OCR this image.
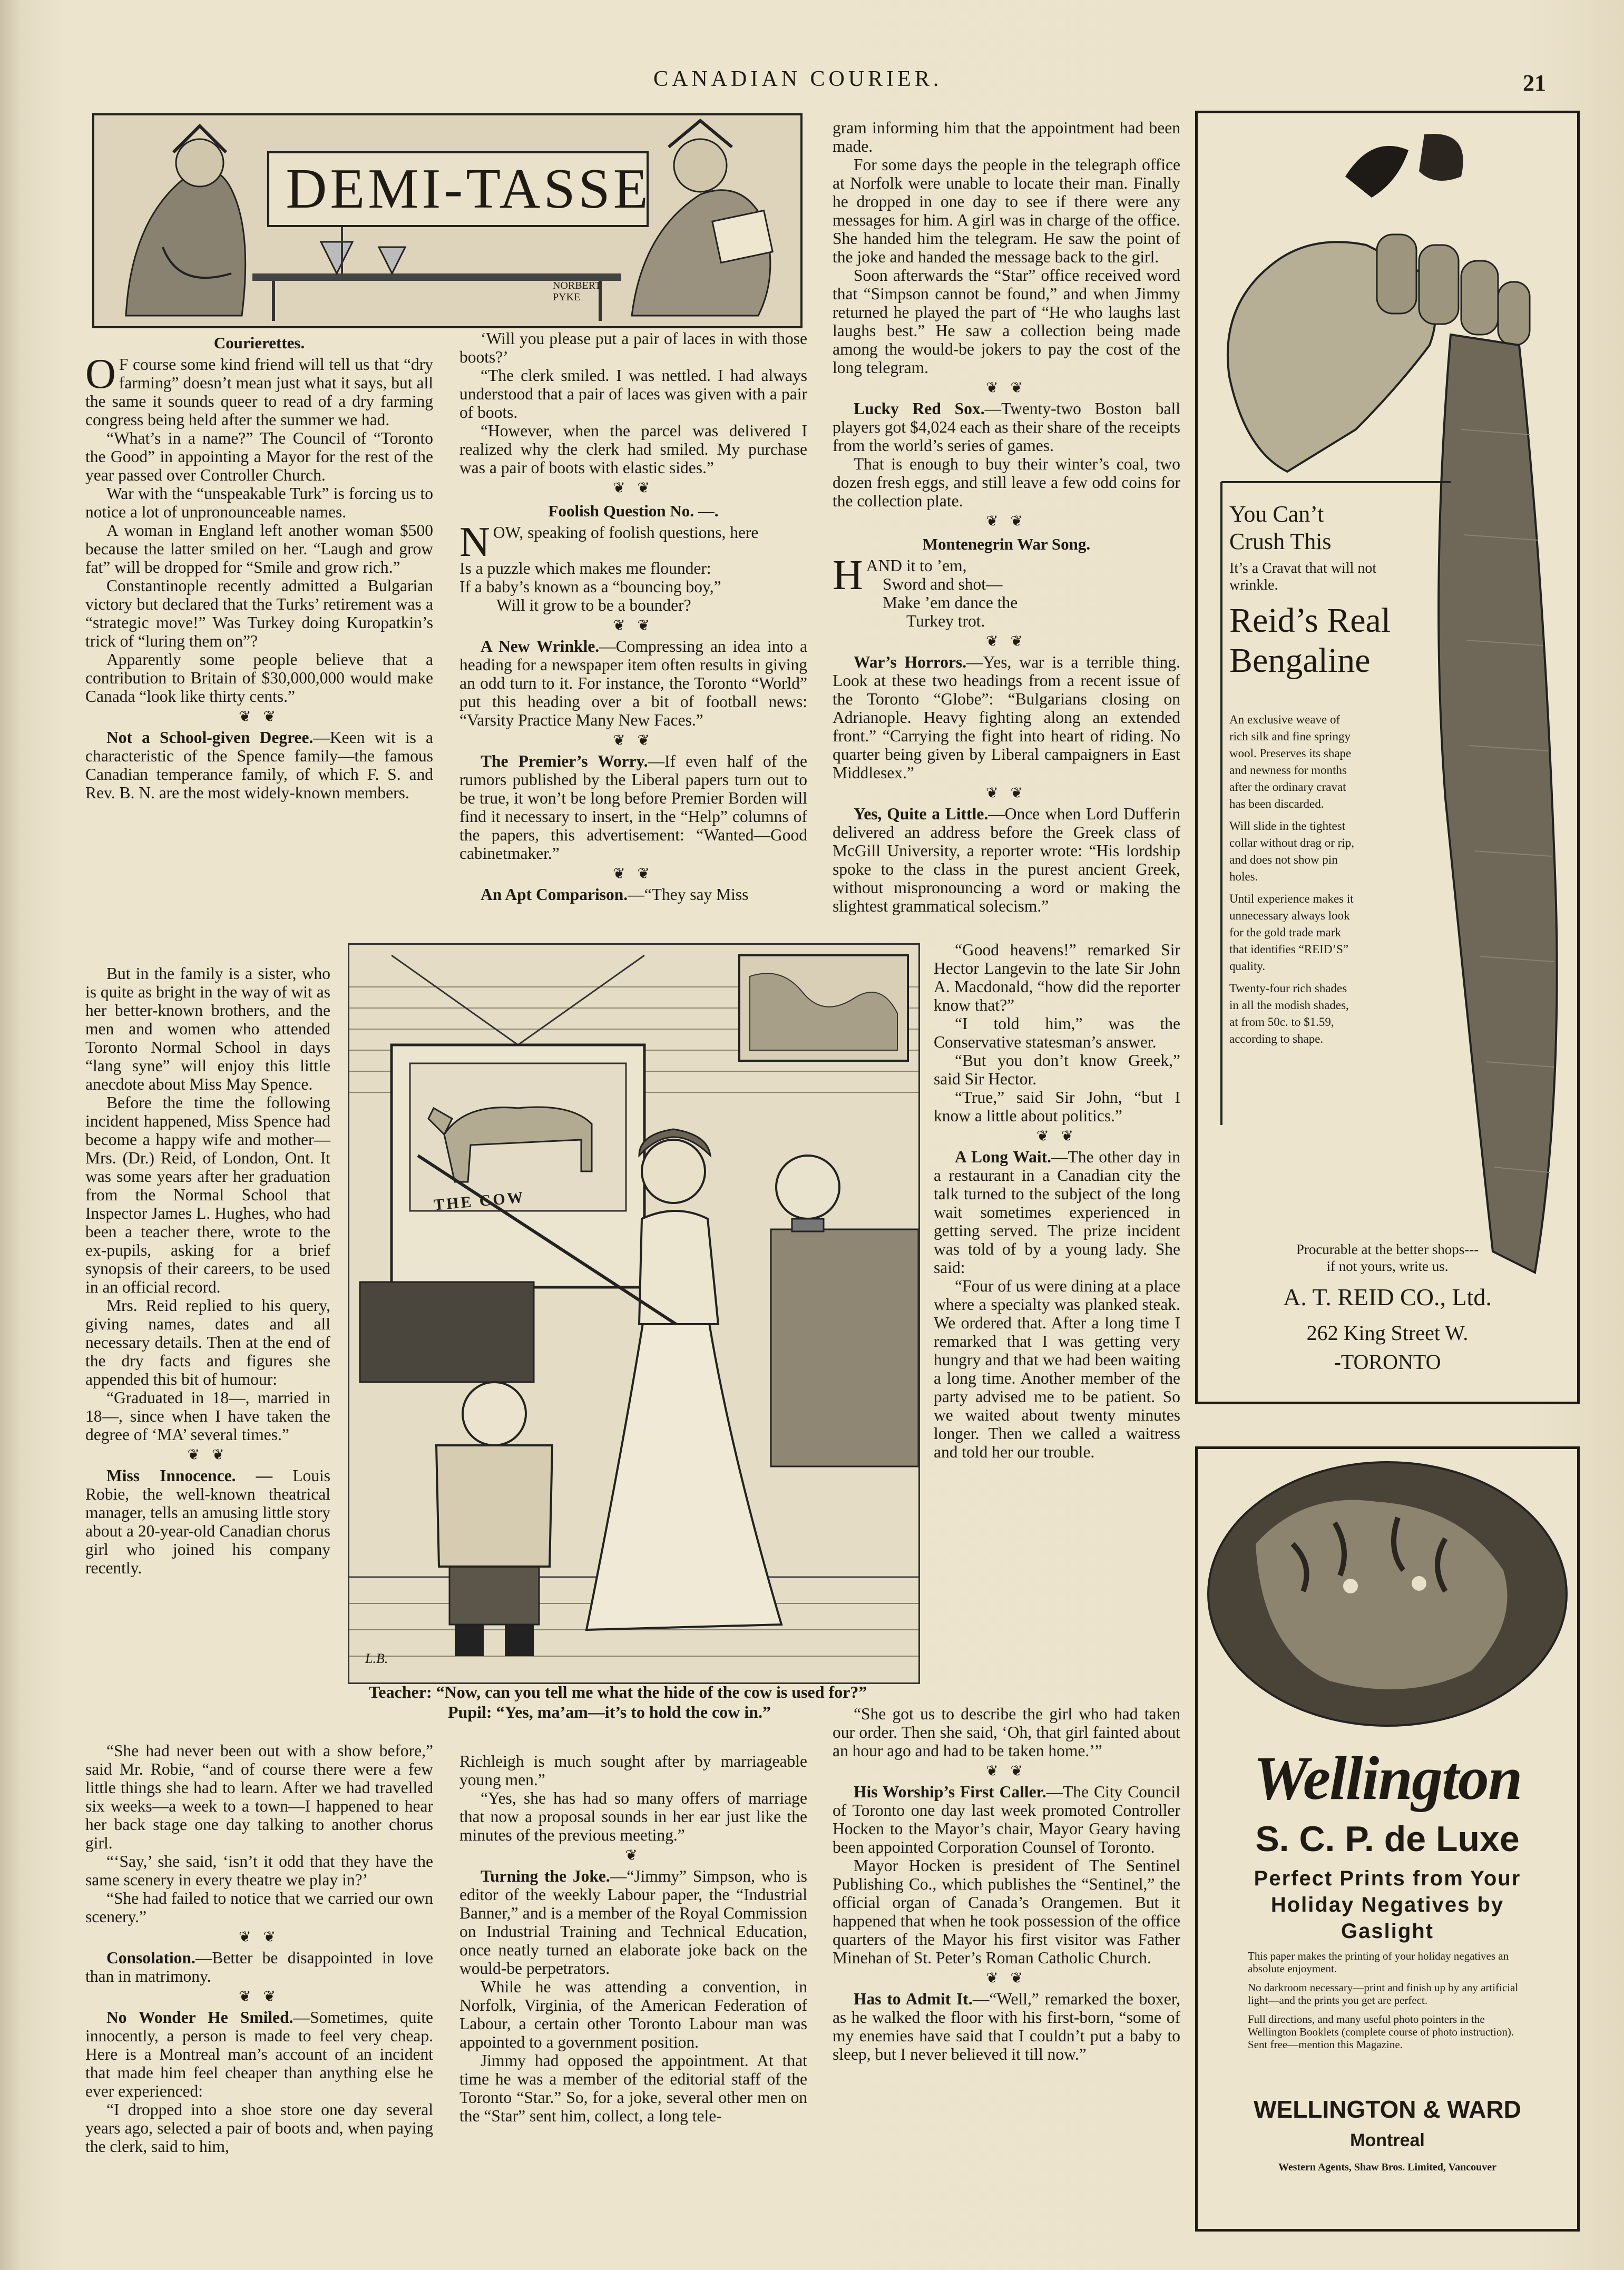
CANADIAN COURIER.	21
DEMI-TASSE
NORBERT PYKE
Courierettes.

O F course some kind friend will tell us that “dry farming” doesn’t mean just what it says, but all the same it sounds queer to read of a dry farming congress being held after the summer we had.

“What’s in a name?” The Council of “Toronto the Good” in appointing a Mayor for the rest of the year passed over Controller Church.

War with the “unspeakable Turk” is forcing us to notice a lot of unpronounceable names.

A woman in England left another woman $500 because the latter smiled on her. “Laugh and grow fat” will be dropped for “Smile and grow rich.”

Constantinople recently admitted a Bulgarian victory but declared that the Turks’ retirement was a “strategic move!” Was Turkey doing Kuropatkin’s trick of “luring them on”?

Apparently some people believe that a contribution to Britain of $30,000,000 would make Canada “look like thirty cents.”

❦ ❦

Not a School-given Degree.—Keen wit is a characteristic of the Spence family—the famous Canadian temperance family, of which F. S. and Rev. B. N. are the most widely-known members.

But in the family is a sister, who is quite as bright in the way of wit as her better-known brothers, and the men and women who attended Toronto Normal School in days “lang syne” will enjoy this little anecdote about Miss May Spence.

Before the time the following incident happened, Miss Spence had become a happy wife and mother—Mrs. (Dr.) Reid, of London, Ont. It was some years after her graduation from the Normal School that Inspector James L. Hughes, who had been a teacher there, wrote to the ex-pupils, asking for a brief synopsis of their careers, to be used in an official record.

Mrs. Reid replied to his query, giving names, dates and all necessary details. Then at the end of the dry facts and figures she appended this bit of humour:

“Graduated in 18—, married in 18—, since when I have taken the degree of ‘MA’ several times.”

❦ ❦

Miss Innocence. — Louis Robie, the well-known theatrical manager, tells an amusing little story about a 20-year-old Canadian chorus girl who joined his company recently.

“She had never been out with a show before,” said Mr. Robie, “and of course there were a few little things she had to learn. After we had travelled six weeks—a week to a town—I happened to hear her back stage one day talking to another chorus girl.

“‘Say,’ she said, ‘isn’t it odd that they have the same scenery in every theatre we play in?’

“She had failed to notice that we carried our own scenery.”

❦ ❦

Consolation.—Better be disappointed in love than in matrimony.

❦ ❦

No Wonder He Smiled.—Sometimes, quite innocently, a person is made to feel very cheap. Here is a Montreal man’s account of an incident that made him feel cheaper than anything else he ever experienced:

“I dropped into a shoe store one day several years ago, selected a pair of boots and, when paying the clerk, said to him,

‘Will you please put a pair of laces in with those boots?’

“The clerk smiled. I was nettled. I had always understood that a pair of laces was given with a pair of boots.

“However, when the parcel was delivered I realized why the clerk had smiled. My purchase was a pair of boots with elastic sides.”

❦ ❦
Foolish Question No. —.

NOW, speaking of foolish questions, here

Is a puzzle which makes me flounder:

If a baby’s known as a “bouncing boy,”

Will it grow to be a bounder?

❦ ❦

A New Wrinkle.—Compressing an idea into a heading for a newspaper item often results in giving an odd turn to it. For instance, the Toronto “World” put this heading over a bit of football news: “Varsity Practice Many New Faces.”

❦ ❦

The Premier’s Worry.—If even half of the rumors published by the Liberal papers turn out to be true, it won’t be long before Premier Borden will find it necessary to insert, in the “Help” columns of the papers, this advertisement: “Wanted—Good cabinetmaker.”

❦ ❦

An Apt Comparison.—“They say Miss

THE COW
L.B.
Teacher: “Now, can you tell me what the hide of the cow is used for?”
Pupil: “Yes, ma’am—it’s to hold the cow in.”

Richleigh is much sought after by marriageable young men.”

“Yes, she has had so many offers of marriage that now a proposal sounds in her ear just like the minutes of the previous meeting.”

❦

Turning the Joke.—“Jimmy” Simpson, who is editor of the weekly Labour paper, the “Industrial Banner,” and is a member of the Royal Commission on Industrial Training and Technical Education, once neatly turned an elaborate joke back on the would-be perpetrators.

While he was attending a convention, in Norfolk, Virginia, of the American Federation of Labour, a certain other Toronto Labour man was appointed to a government position.

Jimmy had opposed the appointment. At that time he was a member of the editorial staff of the Toronto “Star.” So, for a joke, several other men on the “Star” sent him, collect, a long tele-

gram informing him that the appointment had been made.

For some days the people in the telegraph office at Norfolk were unable to locate their man. Finally he dropped in one day to see if there were any messages for him. A girl was in charge of the office. She handed him the telegram. He saw the point of the joke and handed the message back to the girl.

Soon afterwards the “Star” office received word that “Simpson cannot be found,” and when Jimmy returned he played the part of “He who laughs last laughs best.” He saw a collection being made among the would-be jokers to pay the cost of the long telegram.

❦ ❦

Lucky Red Sox.—Twenty-two Boston ball players got $4,024 each as their share of the receipts from the world’s series of games.

That is enough to buy their winter’s coal, two dozen fresh eggs, and still leave a few odd coins for the collection plate.

❦ ❦
Montenegrin War Song.

HAND it to ’em,

Sword and shot—

Make ’em dance the

Turkey trot.

❦ ❦

War’s Horrors.—Yes, war is a terrible thing. Look at these two headings from a recent issue of the Toronto “Globe”: “Bulgarians closing on Adrianople. Heavy fighting along an extended front.” “Carrying the fight into heart of riding. No quarter being given by Liberal campaigners in East Middlesex.”

❦ ❦

Yes, Quite a Little.—Once when Lord Dufferin delivered an address before the Greek class of McGill University, a reporter wrote: “His lordship spoke to the class in the purest ancient Greek, without mispronouncing a word or making the slightest grammatical solecism.”

“Good heavens!” remarked Sir Hector Langevin to the late Sir John A. Macdonald, “how did the reporter know that?”

“I told him,” was the Conservative statesman’s answer.

“But you don’t know Greek,” said Sir Hector.

“True,” said Sir John, “but I know a little about politics.”

❦ ❦

A Long Wait.—The other day in a restaurant in a Canadian city the talk turned to the subject of the long wait sometimes experienced in getting served. The prize incident was told of by a young lady. She said:

“Four of us were dining at a place where a specialty was planked steak. We ordered that. After a long time I remarked that I was getting very hungry and that we had been waiting a long time. Another member of the party advised me to be patient. So we waited about twenty minutes longer. Then we called a waitress and told her our trouble.

“She got us to describe the girl who had taken our order. Then she said, ‘Oh, that girl fainted about an hour ago and had to be taken home.’”

❦ ❦

His Worship’s First Caller.—The City Council of Toronto one day last week promoted Controller Hocken to the Mayor’s chair, Mayor Geary having been appointed Corporation Counsel of Toronto.

Mayor Hocken is president of The Sentinel Publishing Co., which publishes the “Sentinel,” the official organ of Canada’s Orangemen. But it happened that when he took possession of the office quarters of the Mayor his first visitor was Father Minehan of St. Peter’s Roman Catholic Church.

❦ ❦

Has to Admit It.—“Well,” remarked the boxer, as he walked the floor with his first-born, “some of my enemies have said that I couldn’t put a baby to sleep, but I never believed it till now.”

You Can’t
Crush This
It’s a Cravat that will not wrinkle.
Reid’s Real
Bengaline
An exclusive weave of rich silk and fine springy wool. Preserves its shape and newness for months after the ordinary cravat has been discarded.
Will slide in the tightest collar without drag or rip, and does not show pin holes.
Until experience makes it unnecessary always look for the gold trade mark that identifies “REID’S” quality.
Twenty-four rich shades in all the modish shades, at from 50c. to $1.59, according to shape.
Procurable at the better shops---
if not yours, write us.
A. T. REID CO., Ltd.
262 King Street W.
-TORONTO
Wellington
S. C. P. de Luxe
Perfect Prints from Your
Holiday Negatives by
Gaslight
This paper makes the printing of your holiday negatives an absolute enjoyment.
No darkroom necessary—print and finish up by any artificial light—and the prints you get are perfect.
Full directions, and many useful photo pointers in the Wellington Booklets (complete course of photo instruction). Sent free—mention this Magazine.
WELLINGTON & WARD
Montreal
Western Agents, Shaw Bros. Limited, Vancouver
